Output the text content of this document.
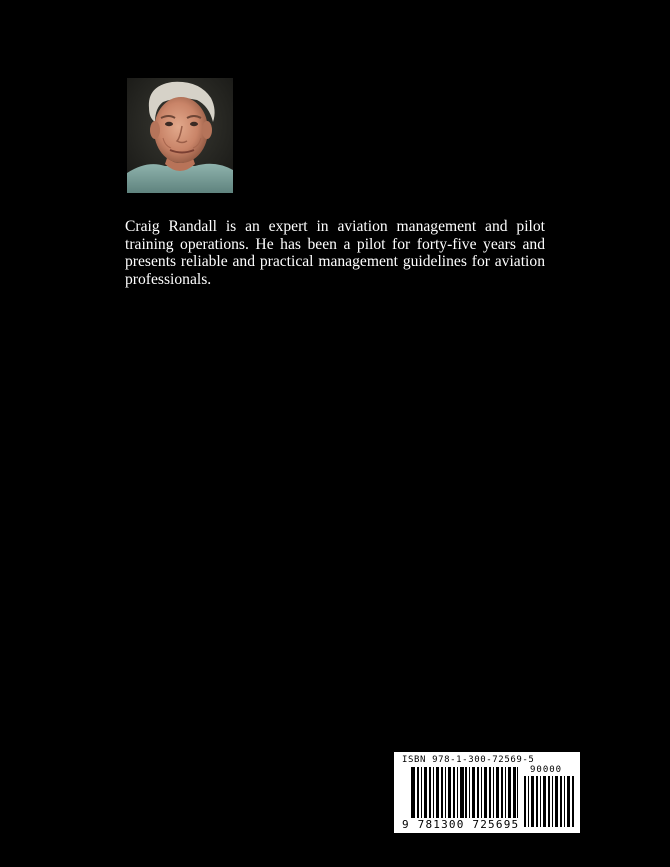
Craig Randall is an expert in aviation management and pilot training operations. He has been a pilot for forty-five years and presents reliable and practical management guidelines for aviation professionals.

ISBN 978-1-300-72569-5
90000
9 781300 725695
